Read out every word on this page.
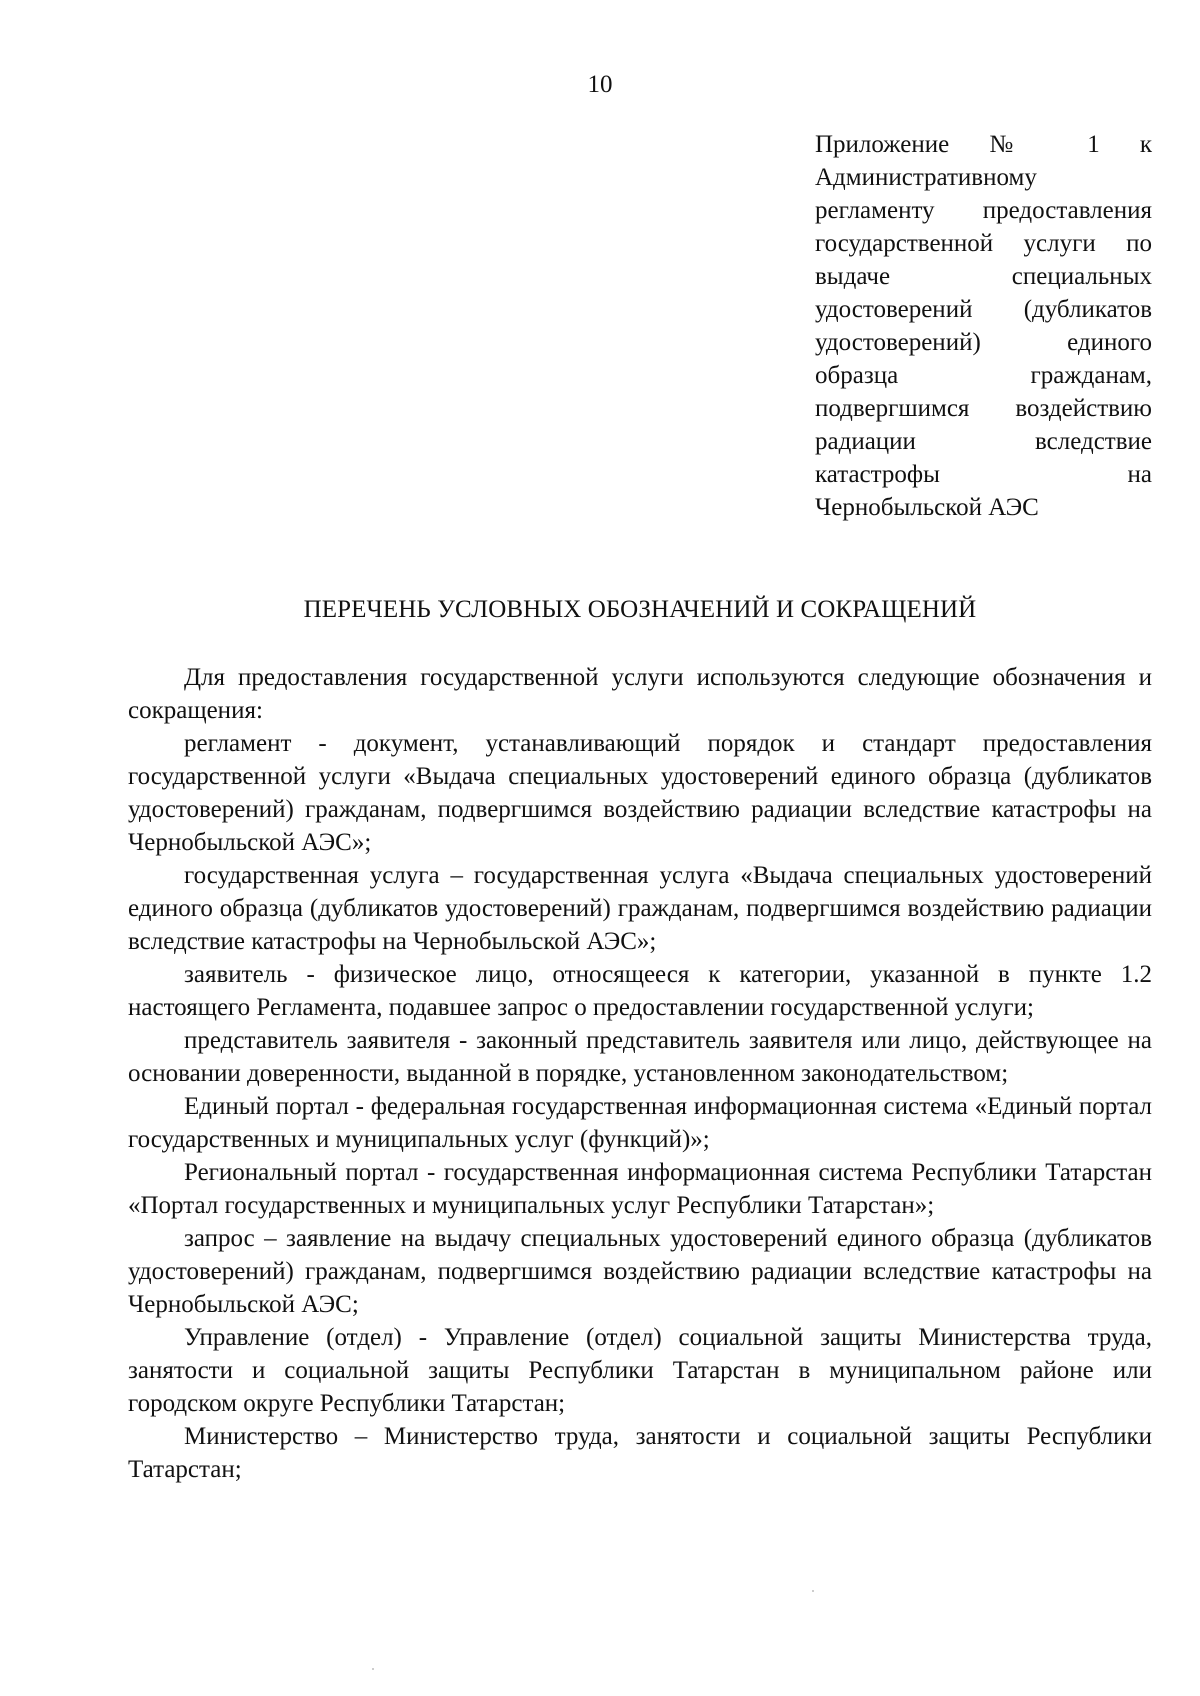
10
Приложение № 1 к
Административному
регламенту предоставления
государственной услуги по
выдаче специальных
удостоверений (дубликатов
удостоверений) единого
образца гражданам,
подвергшимся воздействию
радиации вследствие
катастрофы на
Чернобыльской АЭС
ПЕРЕЧЕНЬ УСЛОВНЫХ ОБОЗНАЧЕНИЙ И СОКРАЩЕНИЙ

Для предоставления государственной услуги используются следующие обозначения и сокращения:

регламент - документ, устанавливающий порядок и стандарт предоставления государственной услуги «Выдача специальных удостоверений единого образца (дубликатов удостоверений) гражданам, подвергшимся воздействию радиации вследствие катастрофы на Чернобыльской АЭС»;

государственная услуга – государственная услуга «Выдача специальных удостоверений единого образца (дубликатов удостоверений) гражданам, подвергшимся воздействию радиации вследствие катастрофы на Чернобыльской АЭС»;

заявитель - физическое лицо, относящееся к категории, указанной в пункте 1.2 настоящего Регламента, подавшее запрос о предоставлении государственной услуги;

представитель заявителя - законный представитель заявителя или лицо, действующее на основании доверенности, выданной в порядке, установленном законодательством;

Единый портал - федеральная государственная информационная система «Единый портал государственных и муниципальных услуг (функций)»;

Региональный портал - государственная информационная система Республики Татарстан «Портал государственных и муниципальных услуг Республики Татарстан»;

запрос – заявление на выдачу специальных удостоверений единого образца (дубликатов удостоверений) гражданам, подвергшимся воздействию радиации вследствие катастрофы на Чернобыльской АЭС;

Управление (отдел) - Управление (отдел) социальной защиты Министерства труда, занятости и социальной защиты Республики Татарстан в муниципальном районе или городском округе Республики Татарстан;

Министерство – Министерство труда, занятости и социальной защиты Республики Татарстан;
